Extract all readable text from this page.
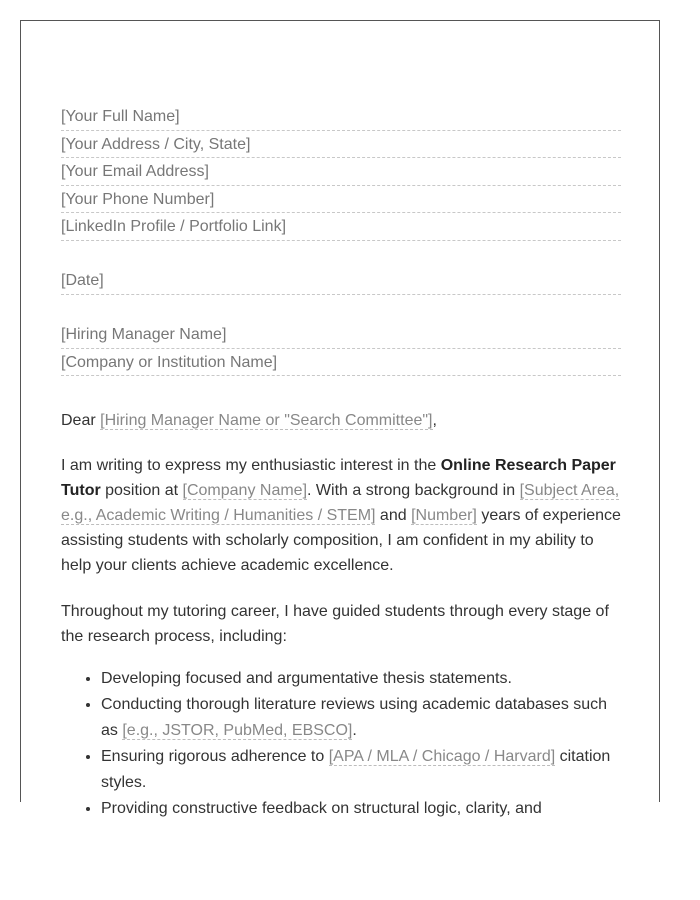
[Your Full Name]
[Your Address / City, State]
[Your Email Address]
[Your Phone Number]
[LinkedIn Profile / Portfolio Link]
[Date]
[Hiring Manager Name]
[Company or Institution Name]
Dear [Hiring Manager Name or "Search Committee"],

I am writing to express my enthusiastic interest in the Online Research Paper Tutor position at [Company Name]. With a strong background in [Subject Area, e.g., Academic Writing / Humanities / STEM] and [Number] years of experience assisting students with scholarly composition, I am confident in my ability to help your clients achieve academic excellence.

Throughout my tutoring career, I have guided students through every stage of the research process, including:

• Developing focused and argumentative thesis statements.
• Conducting thorough literature reviews using academic databases such as [e.g., JSTOR, PubMed, EBSCO].
• Ensuring rigorous adherence to [APA / MLA / Chicago / Harvard] citation styles.
• Providing constructive feedback on structural logic, clarity, and
